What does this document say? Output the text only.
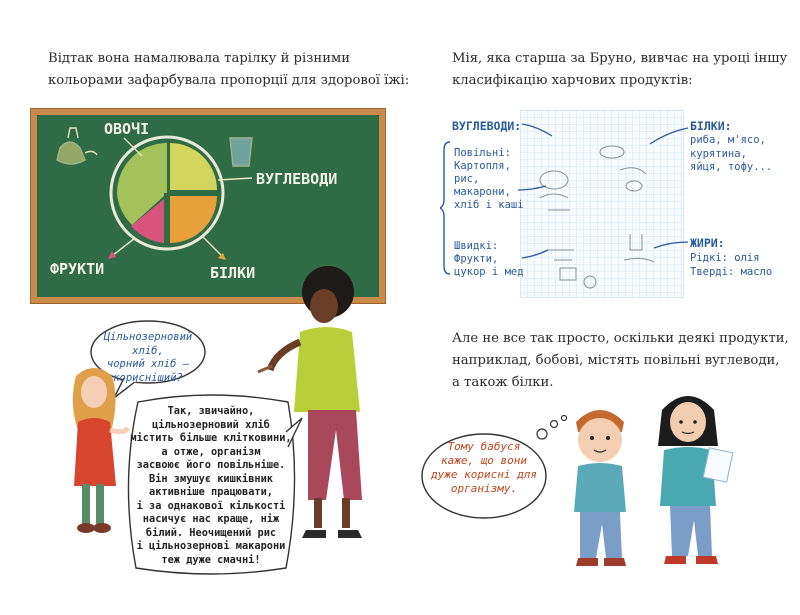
Відтак вона намалювала тарілку й різними
кольорами зафарбувала пропорції для здорової їжі:
ОВОЧІ
ВУГЛЕВОДИ
ФРУКТИ	БІЛКИ
Цільнозерновий хліб,
чорний хліб —
корисніший?
Так, звичайно,
цільнозерновий хліб
містить більше клітковини,
а отже, організм
засвоює його повільніше.
Він змушує кишківник
активніше працювати,
і за однакової кількості
насичує нас краще, ніж
білий. Неочищений рис
і цільнозернові макарони
теж дуже смачні!
Мія, яка старша за Бруно, вивчає на уроці іншу
класифікацію харчових продуктів:
ВУГЛЕВОДИ:
Повільні:
Картопля,
рис,
макарони,
хліб і каші
Швидкі:
Фрукти,
цукор і мед
БІЛКИ:
риба, м'ясо,
курятина,
яйця, тофу...
ЖИРИ:
Рідкі: олія
Тверді: масло
Але не все так просто, оскільки деякі продукти,
наприклад, бобові, містять повільні вуглеводи,
а також білки.
Тому бабуся
каже, що вони
дуже корисні для
організму.
